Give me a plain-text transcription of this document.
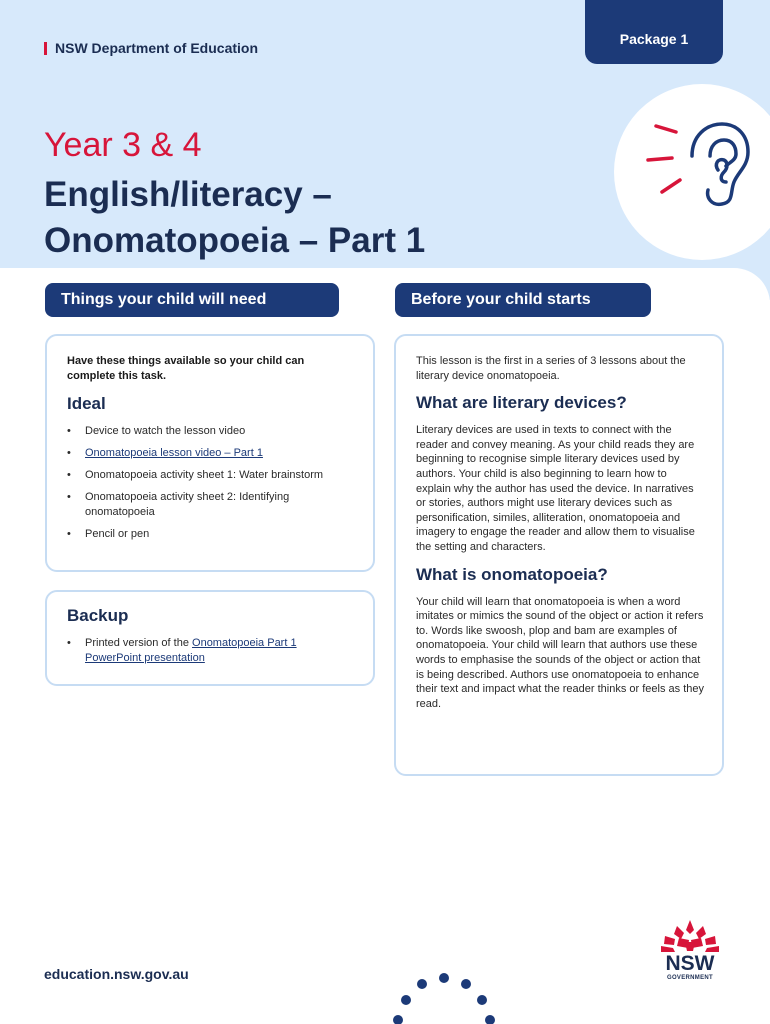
NSW Department of Education
Package 1
Year 3 & 4
English/literacy –
Onomatopoeia – Part 1
Things your child will need	Before your child starts
Have these things available so your child can complete this task.
Ideal
• Device to watch the lesson video
• Onomatopoeia lesson video – Part 1
• Onomatopoeia activity sheet 1: Water brainstorm
• Onomatopoeia activity sheet 2: Identifying onomatopoeia
• Pencil or pen
Backup
• Printed version of the Onomatopoeia Part 1 PowerPoint presentation
This lesson is the first in a series of 3 lessons about the literary device onomatopoeia.
What are literary devices?
Literary devices are used in texts to connect with the reader and convey meaning. As your child reads they are beginning to recognise simple literary devices used by authors. Your child is also beginning to learn how to explain why the author has used the device. In narratives or stories, authors might use literary devices such as personification, similes, alliteration, onomatopoeia and imagery to engage the reader and allow them to visualise the setting and characters.
What is onomatopoeia?
Your child will learn that onomatopoeia is when a word imitates or mimics the sound of the object or action it refers to. Words like swoosh, plop and bam are examples of onomatopoeia. Your child will learn that authors use these words to emphasise the sounds of the object or action that is being described. Authors use onomatopoeia to enhance their text and impact what the reader thinks or feels as they read.
education.nsw.gov.au	NSW
GOVERNMENT
